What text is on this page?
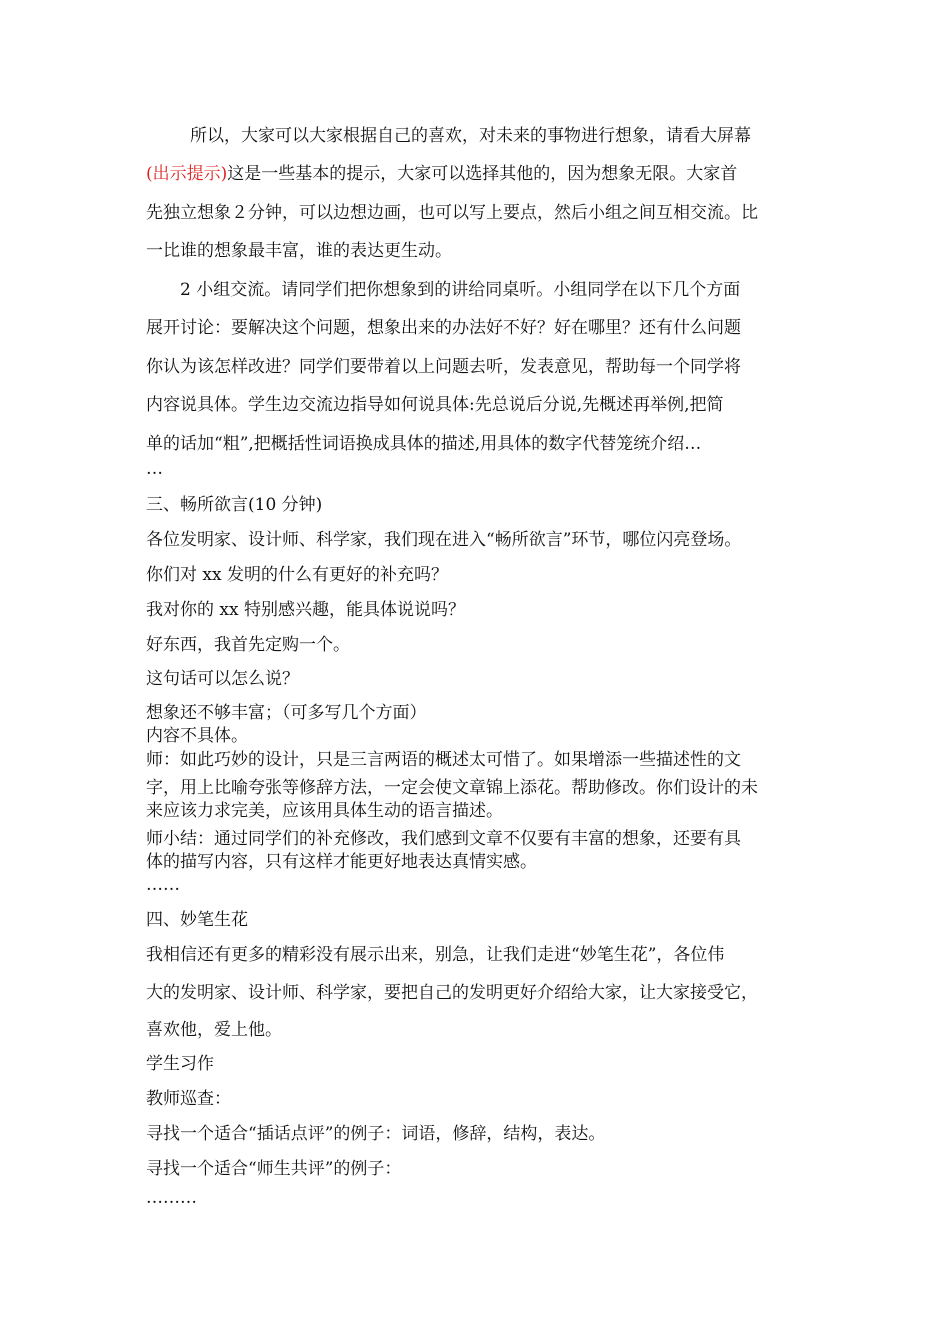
所以，大家可以大家根据自己的喜欢，对未来的事物进行想象，请看大屏幕
(出示提示)这是一些基本的提示，大家可以选择其他的，因为想象无限。大家首
先独立想象２分钟，可以边想边画，也可以写上要点，然后小组之间互相交流。比
一比谁的想象最丰富，谁的表达更生动。
2 小组交流。请同学们把你想象到的讲给同桌听。小组同学在以下几个方面
展开讨论：要解决这个问题，想象出来的办法好不好？好在哪里？还有什么问题
你认为该怎样改进？同学们要带着以上问题去听，发表意见，帮助每一个同学将
内容说具体。学生边交流边指导如何说具体:先总说后分说,先概述再举例,把简
单的话加“粗”,把概括性词语换成具体的描述,用具体的数字代替笼统介绍…
…
三、畅所欲言(10 分钟)
各位发明家、设计师、科学家，我们现在进入“畅所欲言”环节，哪位闪亮登场。
你们对 xx 发明的什么有更好的补充吗？
我对你的 xx 特别感兴趣，能具体说说吗？
好东西，我首先定购一个。
这句话可以怎么说？
想象还不够丰富；（可多写几个方面）
内容不具体。
师：如此巧妙的设计，只是三言两语的概述太可惜了。如果增添一些描述性的文
字，用上比喻夸张等修辞方法，一定会使文章锦上添花。帮助修改。你们设计的未
来应该力求完美，应该用具体生动的语言描述。
师小结：通过同学们的补充修改，我们感到文章不仅要有丰富的想象，还要有具
体的描写内容，只有这样才能更好地表达真情实感。
……
四、妙笔生花
我相信还有更多的精彩没有展示出来，别急，让我们走进“妙笔生花”，各位伟
大的发明家、设计师、科学家，要把自己的发明更好介绍给大家，让大家接受它，
喜欢他，爱上他。
学生习作
教师巡查：
寻找一个适合“插话点评”的例子：词语，修辞，结构，表达。
寻找一个适合“师生共评”的例子：
………
